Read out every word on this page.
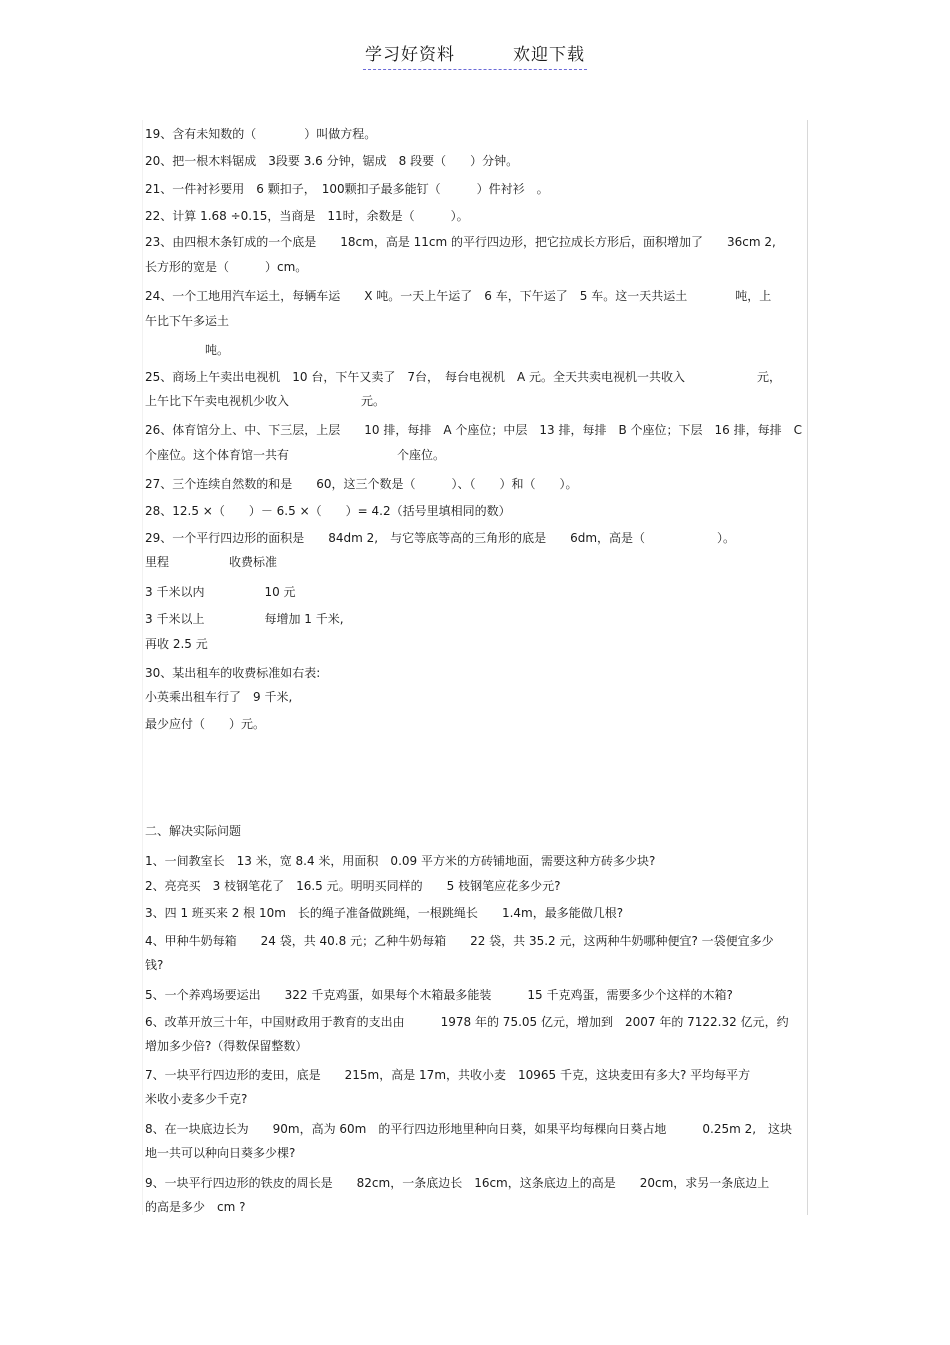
学习好资料	欢迎下载
19、含有未知数的（　　　　）叫做方程。
20、把一根木料锯成　3段要 3.6 分钟，锯成　8 段要（　　）分钟。
21、一件衬衫要用　6 颗扣子，　100颗扣子最多能钉（　　　）件衬衫　。
22、计算 1.68 ÷0.15，当商是　11时，余数是（　　　）。
23、由四根木条钉成的一个底是　　18cm，高是 11cm 的平行四边形，把它拉成长方形后，面积增加了　　36cm 2,
长方形的宽是（　　　）cm。
24、一个工地用汽车运土，每辆车运　　X 吨。一天上午运了　6 车，下午运了　5 车。这一天共运土　　　　吨，上
午比下午多运土
　　　　　吨。
25、商场上午卖出电视机　10 台，下午又卖了　7台，　每台电视机　A 元。全天共卖电视机一共收入　　　　　　元，
上午比下午卖电视机少收入　　　　　　元。
26、体育馆分上、中、下三层，上层　　10 排，每排　A 个座位；中层　13 排，每排　B 个座位；下层　16 排，每排　C
个座位。这个体育馆一共有　　　　　　　　　个座位。
27、三个连续自然数的和是　　60，这三个数是（　　　）、（　　）和（　　）。
28、12.5 ×（　　）－ 6.5 ×（　　）= 4.2（括号里填相同的数）
29、一个平行四边形的面积是　　84dm 2,　与它等底等高的三角形的底是　　6dm，高是（　　　　　　）。
里程　　　　　收费标准
3 千米以内　　　　　10 元
3 千米以上　　　　　每增加 1 千米,
再收 2.5 元
30、某出租车的收费标准如右表:
小英乘出租车行了　9 千米,
最少应付（　　）元。
二、解决实际问题
1、一间教室长　13 米，宽 8.4 米，用面积　0.09 平方米的方砖铺地面，需要这种方砖多少块?
2、亮亮买　3 枝钢笔花了　16.5 元。明明买同样的　　5 枝钢笔应花多少元?
3、四 1 班买来 2 根 10m　长的绳子准备做跳绳，一根跳绳长　　1.4m，最多能做几根?
4、甲种牛奶每箱　　24 袋，共 40.8 元；乙种牛奶每箱　　22 袋，共 35.2 元，这两种牛奶哪种便宜? 一袋便宜多少
钱?
5、一个养鸡场要运出　　322 千克鸡蛋，如果每个木箱最多能装　　　15 千克鸡蛋，需要多少个这样的木箱?
6、改革开放三十年，中国财政用于教育的支出由　　　1978 年的 75.05 亿元，增加到　2007 年的 7122.32 亿元，约
增加多少倍?（得数保留整数）
7、一块平行四边形的麦田，底是　　215m，高是 17m，共收小麦　10965 千克，这块麦田有多大? 平均每平方
米收小麦多少千克?
8、在一块底边长为　　90m，高为 60m　的平行四边形地里种向日葵，如果平均每棵向日葵占地　　　0.25m 2,　这块
地一共可以种向日葵多少棵?
9、一块平行四边形的铁皮的周长是　　82cm，一条底边长　16cm，这条底边上的高是　　20cm，求另一条底边上
的高是多少　cm ?
